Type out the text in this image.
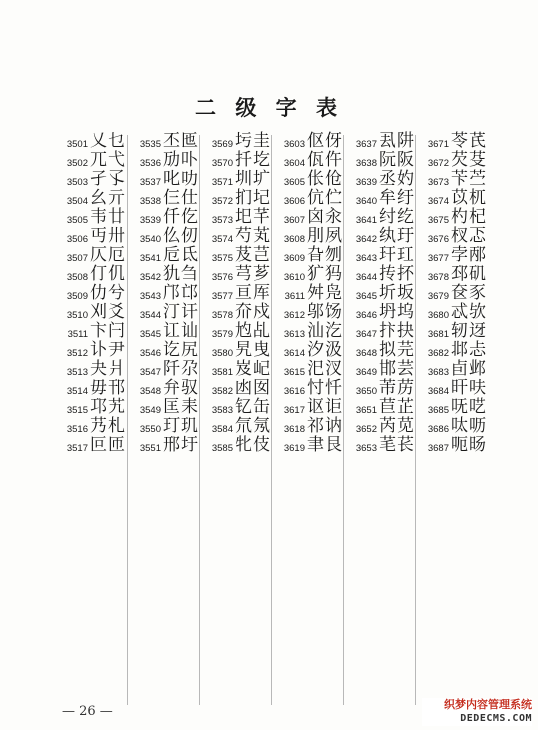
二 级 字 表
3501 乂乜
3502 兀弋
3503 孑孓
3504 幺亓
3505 韦廿
3506 丏卅
3507 仄厄
3508 仃仉
3509 仂兮
3510 刈爻
3511 卞闩
3512 讣尹
3513 夬爿
3514 毋邗
3515 邛艽
3516 艿札
3517 叵匝
3535 丕匜
3536 劢卟
3537 叱叻
3538 仨仕
3539 仟仡
3540 仫仞
3541 卮氐
3542 犰刍
3543 邝邙
3544 汀讦
3545 讧讪
3546 讫尻
3547 阡尕
3548 弁驭
3549 匡耒
3550 玎玑
3551 邢圩
3569 圬圭
3570 扦圪
3571 圳圹
3572 扪圮
3573 圯芊
3574 芍芄
3575 芨芑
3576 芎芗
3577 亘厍
3578 夼戍
3579 尥乩
3580 旯曳
3581 岌屺
3582 凼囡
3583 钇缶
3584 氘氖
3585 牝伎
3603 伛伢
3604 佤仵
3605 伥伧
3606 伉伫
3607 囟汆
3608 刖夙
3609 旮刎
3610 犷犸
3611 舛凫
3612 邬饧
3613 汕汔
3614 汐汲
3615 汜汊
3616 忖忏
3617 讴讵
3618 祁讷
3619 聿艮
3637 厾阱
3638 阮阪
3639 丞妁
3640 牟纡
3641 纣纥
3642 纨玗
3643 玕玒
3644 抟抔
3645 圻坂
3646 坍坞
3647 抃抉
3648 拟芫
3649 邯芸
3650 芾苈
3651 苣芷
3652 芮苋
3653 芼苌
3671 苓芪
3672 芡芟
3673 苄苎
3674 苡杌
3675 杓杞
3676 杈忑
3677 孛邴
3678 邳矶
3679 奁豕
3680 忒欤
3681 轫迓
3682 邶忐
3683 卣邺
3684 旰呋
3685 呒呓
3686 呔呖
3687 呃旸
— 26 —	织梦内容管理系统
DEDECMS.COM
